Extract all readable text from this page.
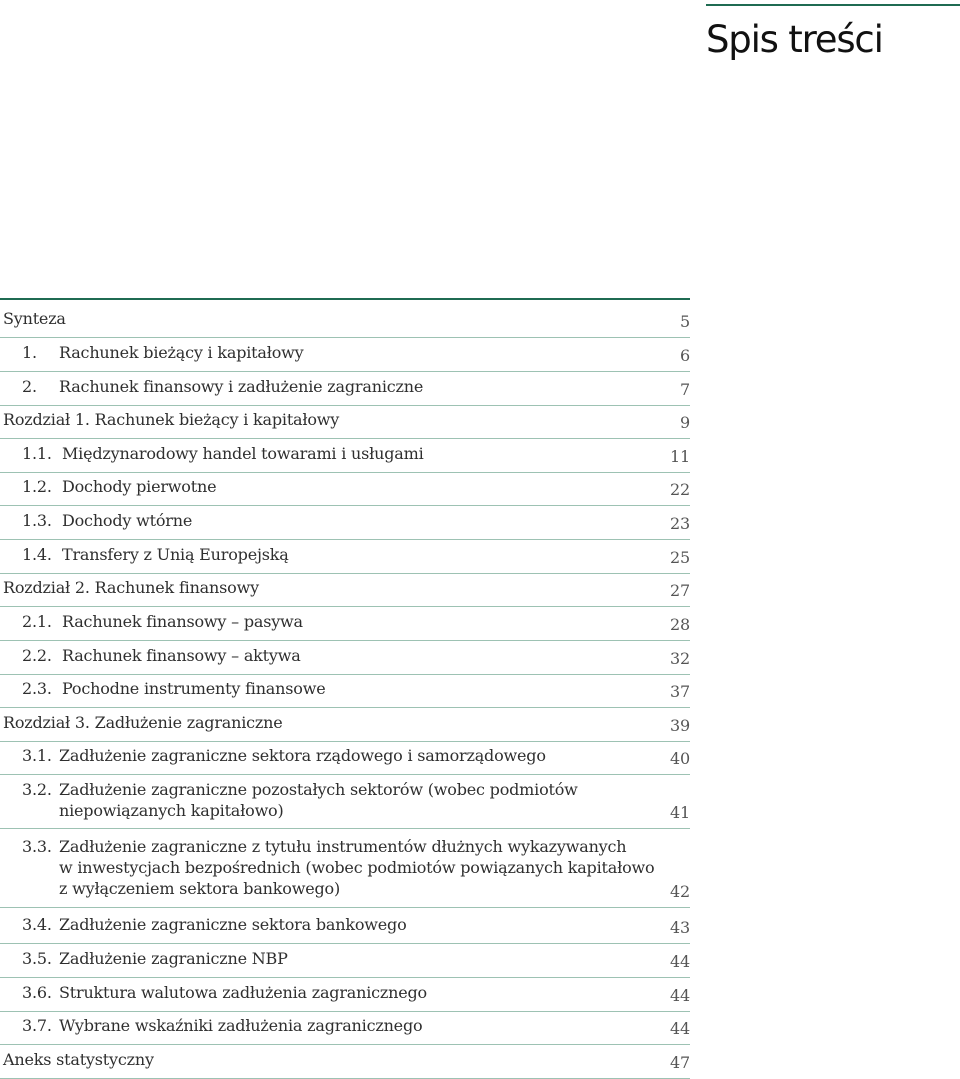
Spis treści
Synteza	5
1. Rachunek bieżący i kapitałowy	6
2. Rachunek finansowy i zadłużenie zagraniczne	7
Rozdział 1. Rachunek bieżący i kapitałowy	9
1.1. Międzynarodowy handel towarami i usługami	11
1.2. Dochody pierwotne	22
1.3. Dochody wtórne	23
1.4. Transfery z Unią Europejską	25
Rozdział 2. Rachunek finansowy	27
2.1. Rachunek finansowy – pasywa	28
2.2. Rachunek finansowy – aktywa	32
2.3. Pochodne instrumenty finansowe	37
Rozdział 3. Zadłużenie zagraniczne	39
3.1. Zadłużenie zagraniczne sektora rządowego i samorządowego	40
3.2. Zadłużenie zagraniczne pozostałych sektorów (wobec podmiotów
niepowiązanych kapitałowo)	41
3.3. Zadłużenie zagraniczne z tytułu instrumentów dłużnych wykazywanych
w inwestycjach bezpośrednich (wobec podmiotów powiązanych kapitałowo
z wyłączeniem sektora bankowego)	42
3.4. Zadłużenie zagraniczne sektora bankowego	43
3.5. Zadłużenie zagraniczne NBP	44
3.6. Struktura walutowa zadłużenia zagranicznego	44
3.7. Wybrane wskaźniki zadłużenia zagranicznego	44
Aneks statystyczny	47
